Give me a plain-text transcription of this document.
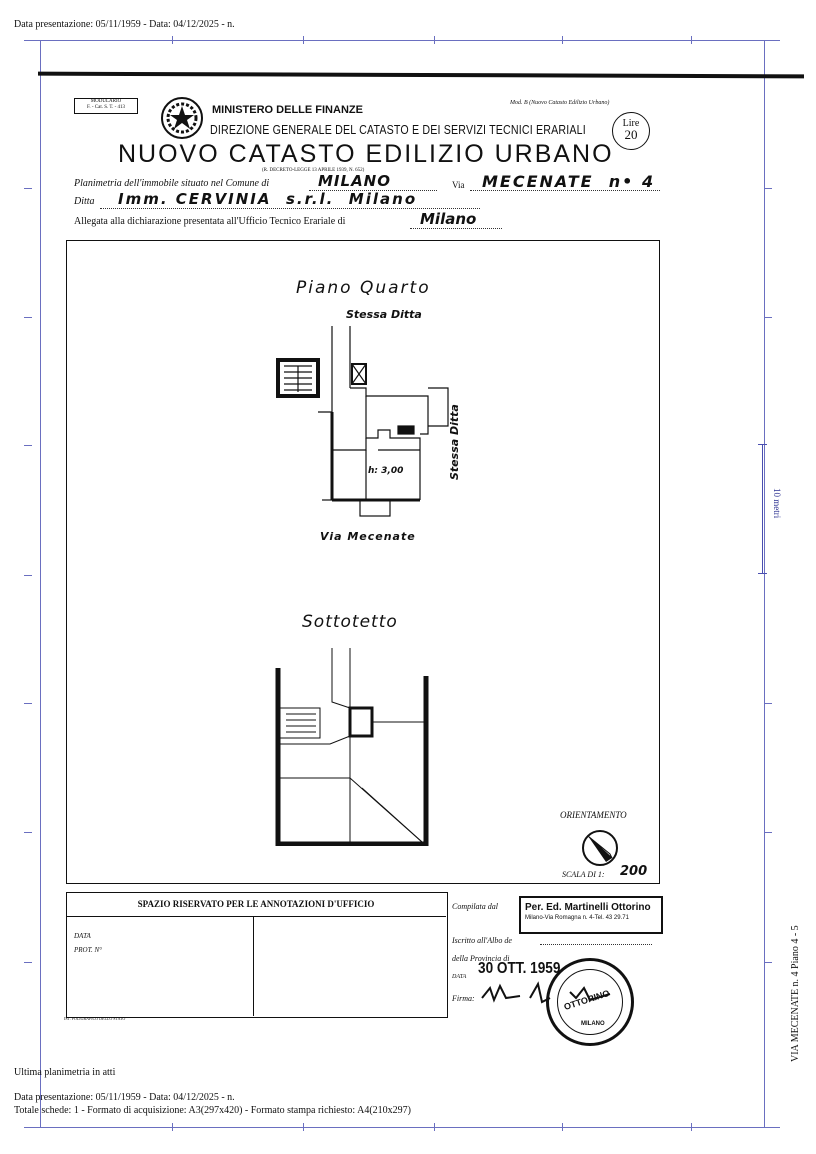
Data presentazione: 05/11/1959 - Data: 04/12/2025 - n.
10 metri
VIA MECENATE n. 4 Piano 4 - 5
MODULARIO
F. - Cat. S. T. - 413	MINISTERO DELLE FINANZE
Mod. B (Nuovo Catasto Edilizio Urbano)
DIREZIONE GENERALE DEL CATASTO E DEI SERVIZI TECNICI ERARIALI	Lire
20
NUOVO CATASTO EDILIZIO URBANO
(R. DECRETO-LEGGE 13 APRILE 1939, N. 652)
Planimetria dell'immobile situato nel Comune di	MILANO	Via MECENATE  n• 4
Ditta Imm. CERVINIA  s.r.l.  Milano
Allegata alla dichiarazione presentata all'Ufficio Tecnico Erariale di	Milano
Piano Quarto
Stessa Ditta
h: 3,00	Stessa Ditta
Via Mecenate
Sottotetto
ORIENTAMENTO
SCALA DI 1: 200
SPAZIO RISERVATO PER LE ANNOTAZIONI D'UFFICIO
DATA
PROT. N°
IST. POLIGRAFICO DELLO STATO
Compilata dal	Per. Ed. Martinelli Ottorino
Milano-Via Romagna n. 4-Tel. 43 29.71
Iscritto all'Albo de
della Provincia di
DATA 30 OTT. 1959
Firma:	OTTORINO
MILANO
Ultima planimetria in atti
Data presentazione: 05/11/1959 - Data: 04/12/2025 - n.
Totale schede: 1 - Formato di acquisizione: A3(297x420) - Formato stampa richiesto: A4(210x297)
